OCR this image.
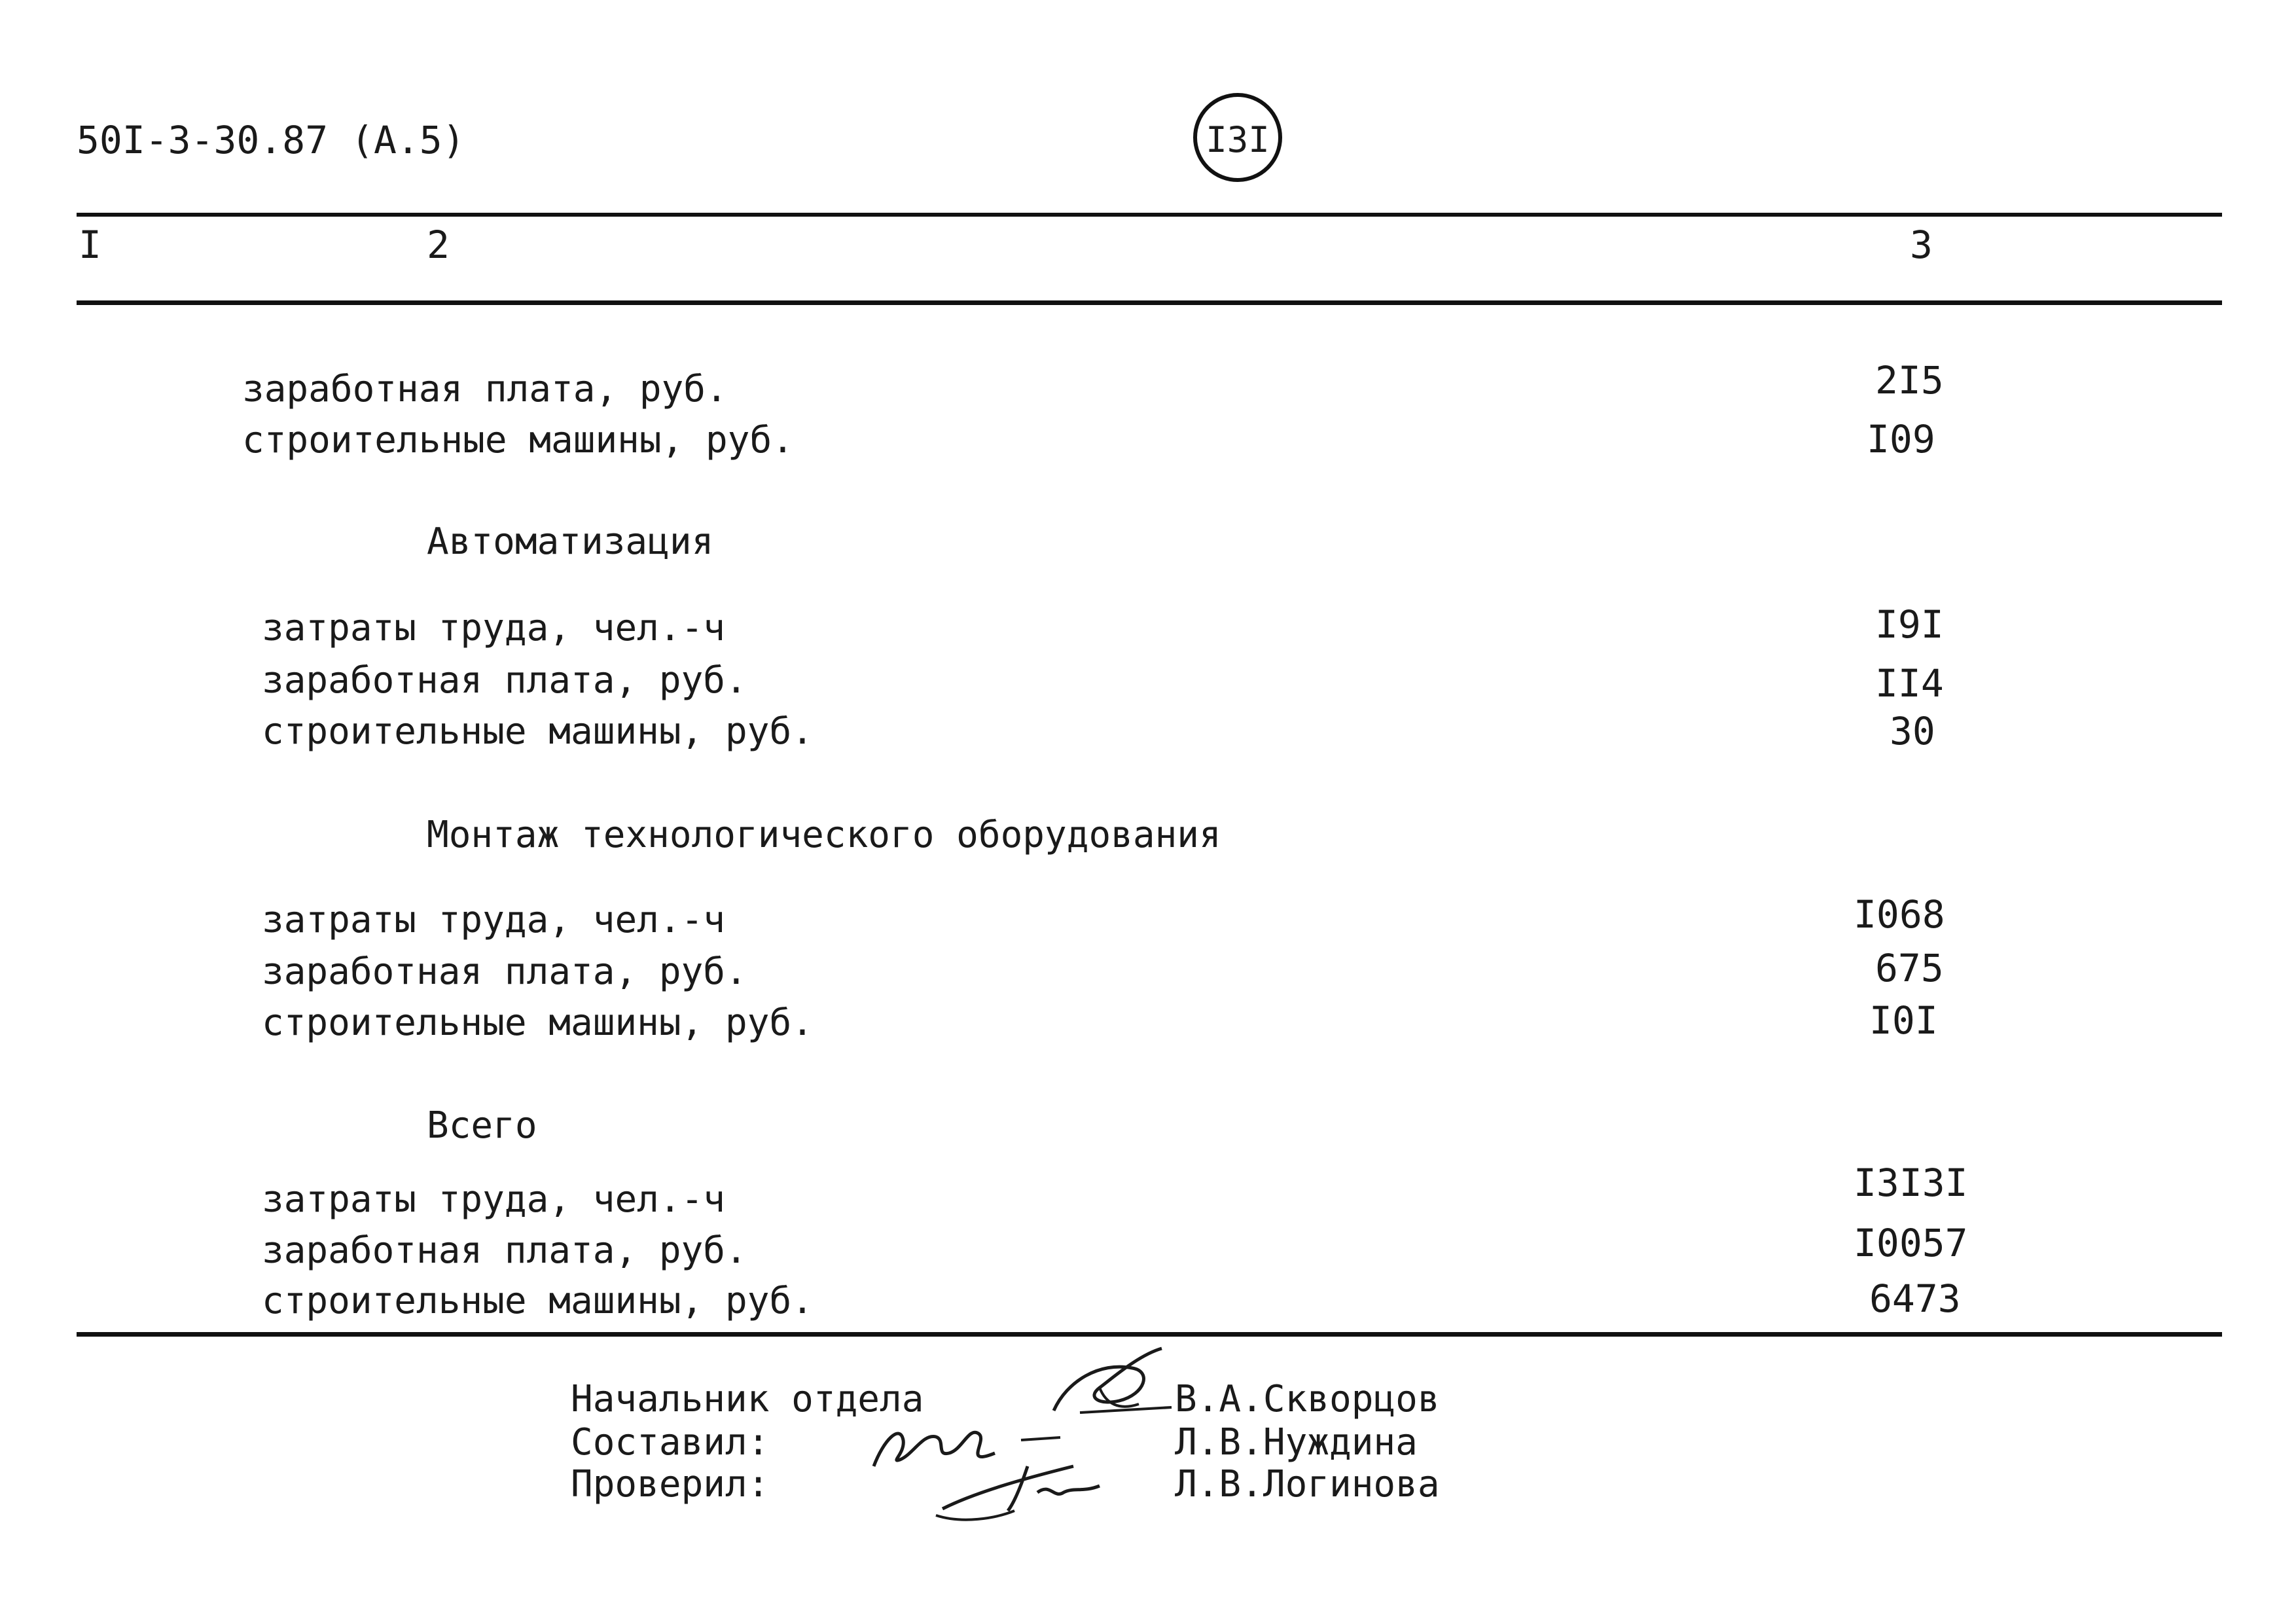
50I-3-30.87 (A.5)	I3I
I	2	3
заработная плата, руб.	2I5
строительные машины, руб.	I09
Автоматизация
затраты труда, чел.-ч	I9I
заработная плата, руб.	II4
строительные машины, руб.	30
Монтаж технологического оборудования
затраты труда, чел.-ч	I068
заработная плата, руб.	675
строительные машины, руб.	I0I
Всего
затраты труда, чел.-ч	I3I3I
заработная плата, руб.	I0057
строительные машины, руб.	6473
Начальник отдела	В.А.Скворцов
Составил:	Л.В.Нуждина
Проверил:	Л.В.Логинова
